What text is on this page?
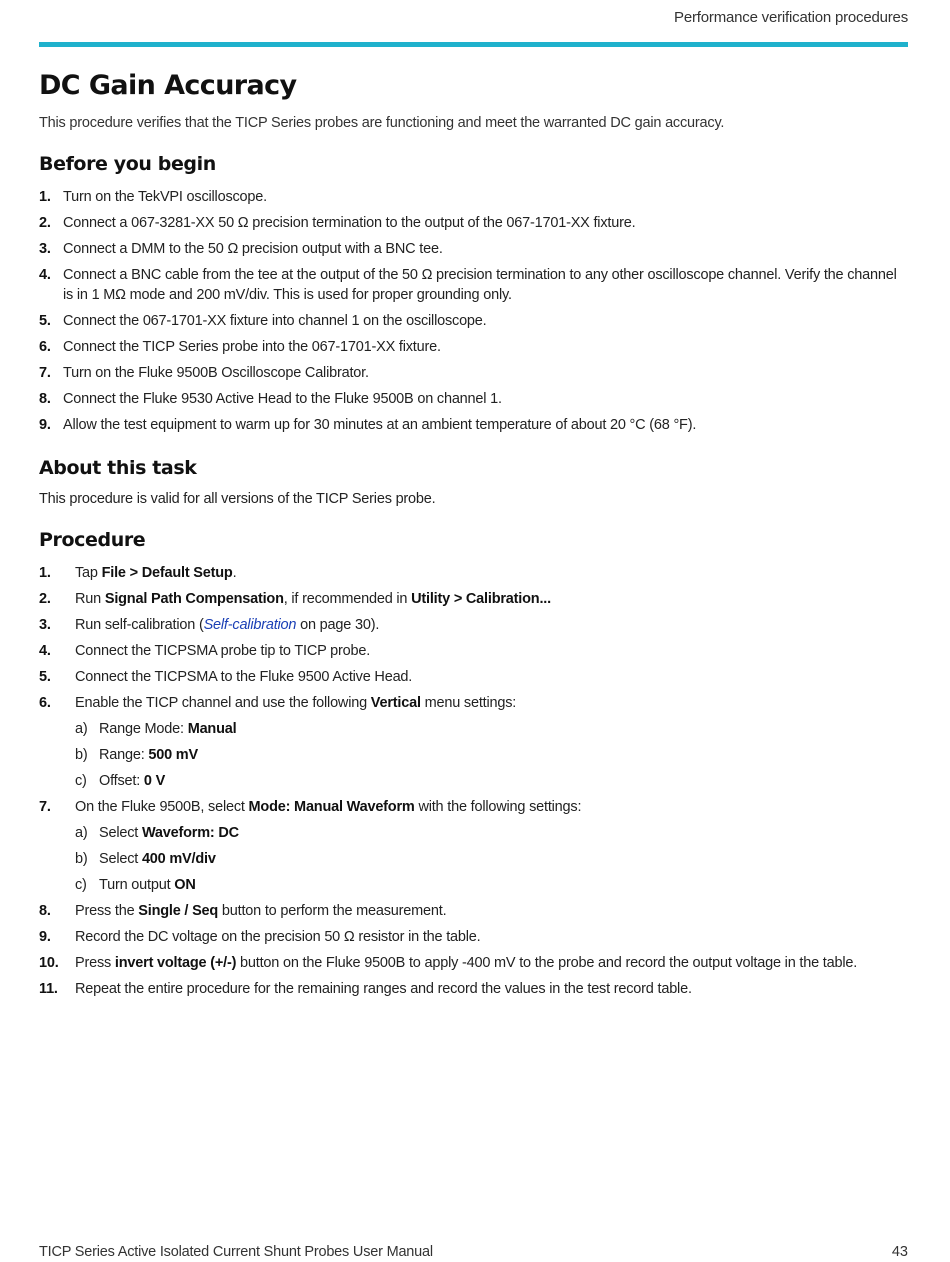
Performance verification procedures
DC Gain Accuracy

This procedure verifies that the TICP Series probes are functioning and meet the warranted DC gain accuracy.

Before you begin
1. Turn on the TekVPI oscilloscope.
2. Connect a 067-3281-XX 50 Ω precision termination to the output of the 067-1701-XX fixture.
3. Connect a DMM to the 50 Ω precision output with a BNC tee.
4. Connect a BNC cable from the tee at the output of the 50 Ω precision termination to any other oscilloscope channel. Verify the channel is in 1 MΩ mode and 200 mV/div. This is used for proper grounding only.
5. Connect the 067-1701-XX fixture into channel 1 on the oscilloscope.
6. Connect the TICP Series probe into the 067-1701-XX fixture.
7. Turn on the Fluke 9500B Oscilloscope Calibrator.
8. Connect the Fluke 9530 Active Head to the Fluke 9500B on channel 1.
9. Allow the test equipment to warm up for 30 minutes at an ambient temperature of about 20 °C (68 °F).
About this task

This procedure is valid for all versions of the TICP Series probe.

Procedure
1. Tap File > Default Setup.
2. Run Signal Path Compensation, if recommended in Utility > Calibration...
3. Run self-calibration (Self-calibration on page 30).
4. Connect the TICPSMA probe tip to TICP probe.
5. Connect the TICPSMA to the Fluke 9500 Active Head.
6. Enable the TICP channel and use the following Vertical menu settings:
a) Range Mode: Manual
b) Range: 500 mV
c) Offset: 0 V
7. On the Fluke 9500B, select Mode: Manual Waveform with the following settings:
a) Select Waveform: DC
b) Select 400 mV/div
c) Turn output ON
8. Press the Single / Seq button to perform the measurement.
9. Record the DC voltage on the precision 50 Ω resistor in the table.
10. Press invert voltage (+/-) button on the Fluke 9500B to apply -400 mV to the probe and record the output voltage in the table.
11. Repeat the entire procedure for the remaining ranges and record the values in the test record table.
TICP Series Active Isolated Current Shunt Probes User Manual	43
